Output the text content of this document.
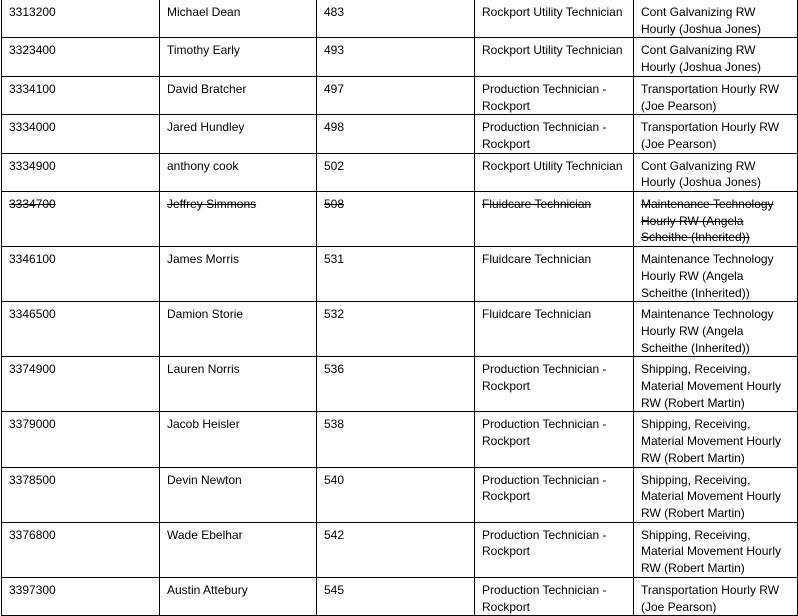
3313200	Michael Dean	483	Rockport Utility Technician	Cont Galvanizing RW Hourly (Joshua Jones)
3323400	Timothy Early	493	Rockport Utility Technician	Cont Galvanizing RW Hourly (Joshua Jones)
3334100	David Bratcher	497	Production Technician - Rockport	Transportation Hourly RW (Joe Pearson)
3334000	Jared Hundley	498	Production Technician - Rockport	Transportation Hourly RW (Joe Pearson)
3334900	anthony cook	502	Rockport Utility Technician	Cont Galvanizing RW Hourly (Joshua Jones)
3334700	Jeffrey Simmons	508	Fluidcare Technician	Maintenance Technology Hourly RW (Angela Scheithe (Inherited))
3346100	James Morris	531	Fluidcare Technician	Maintenance Technology Hourly RW (Angela Scheithe (Inherited))
3346500	Damion Storie	532	Fluidcare Technician	Maintenance Technology Hourly RW (Angela Scheithe (Inherited))
3374900	Lauren Norris	536	Production Technician - Rockport	Shipping, Receiving, Material Movement Hourly RW (Robert Martin)
3379000	Jacob Heisler	538	Production Technician - Rockport	Shipping, Receiving, Material Movement Hourly RW (Robert Martin)
3378500	Devin Newton	540	Production Technician - Rockport	Shipping, Receiving, Material Movement Hourly RW (Robert Martin)
3376800	Wade Ebelhar	542	Production Technician - Rockport	Shipping, Receiving, Material Movement Hourly RW (Robert Martin)
3397300	Austin Attebury	545	Production Technician - Rockport	Transportation Hourly RW (Joe Pearson)
